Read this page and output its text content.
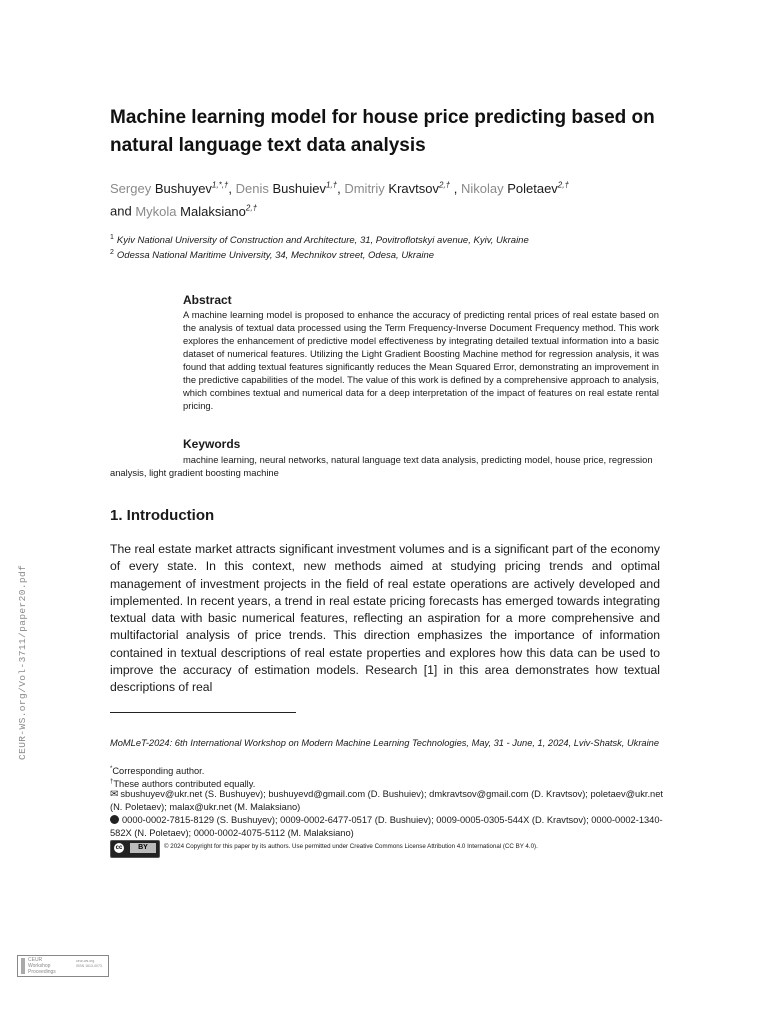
Machine learning model for house price predicting based on natural language text data analysis
Sergey Bushuyev$^{1,*,\dagger}$, Denis Bushuiev$^{1,\dagger}$, Dmitriy Kravtsov$^{2,\dagger}$ , Nikolay Poletaev$^{2,\dagger}$
and Mykola Malaksiano$^{2,\dagger}$
$^1$ Kyiv National University of Construction and Architecture, 31, Povitroflotskyi avenue, Kyiv, Ukraine
$^2$ Odessa National Maritime University, 34, Mechnikov street, Odesa, Ukraine
Abstract
A machine learning model is proposed to enhance the accuracy of predicting rental prices of real estate based on the analysis of textual data processed using the Term Frequency-Inverse Document Frequency method. This work explores the enhancement of predictive model effectiveness by integrating detailed textual information into a basic dataset of numerical features. Utilizing the Light Gradient Boosting Machine method for regression analysis, it was found that adding textual features significantly reduces the Mean Squared Error, demonstrating an improvement in the predictive capabilities of the model. The value of this work is defined by a comprehensive approach to analysis, which combines textual and numerical data for a deep interpretation of the impact of features on real estate rental pricing.
Keywords
machine learning, neural networks, natural language text data analysis, predicting model, house price, regression analysis, light gradient boosting machine
1. Introduction
The real estate market attracts significant investment volumes and is a significant part of the economy of every state. In this context, new methods aimed at studying pricing trends and optimal management of investment projects in the field of real estate operations are actively developed and implemented. In recent years, a trend in real estate pricing forecasts has emerged towards integrating textual data with basic numerical features, reflecting an aspiration for a more comprehensive and multifactorial analysis of price trends. This direction emphasizes the importance of information contained in textual descriptions of real estate properties and explores how this data can be used to improve the accuracy of estimation models. Research [1] in this area demonstrates how textual descriptions of real
MoMLeT-2024: 6th International Workshop on Modern Machine Learning Technologies, May, 31 - June, 1, 2024, Lviv-Shatsk, Ukraine
*Corresponding author.
†These authors contributed equally.
✉ sbushuyev@ukr.net (S. Bushuyev); bushuyevd@gmail.com (D. Bushuiev); dmkravtsov@gmail.com (D. Kravtsov); poletaev@ukr.net (N. Poletaev); malax@ukr.net (M. Malaksiano)
0000-0002-7815-8129 (S. Bushuyev); 0009-0002-6477-0517 (D. Bushuiev); 0009-0005-0305-544X (D. Kravtsov); 0000-0002-1340-582X (N. Poletaev); 0000-0002-4075-5112 (M. Malaksiano)
cc	BY	© 2024 Copyright for this paper by its authors. Use permitted under Creative Commons License Attribution 4.0 International (CC BY 4.0).
CEUR-WS.org/Vol-3711/paper20.pdf
CEUR
Workshop
Proceedings
ceur-ws.org
ISSN 1613-0073
